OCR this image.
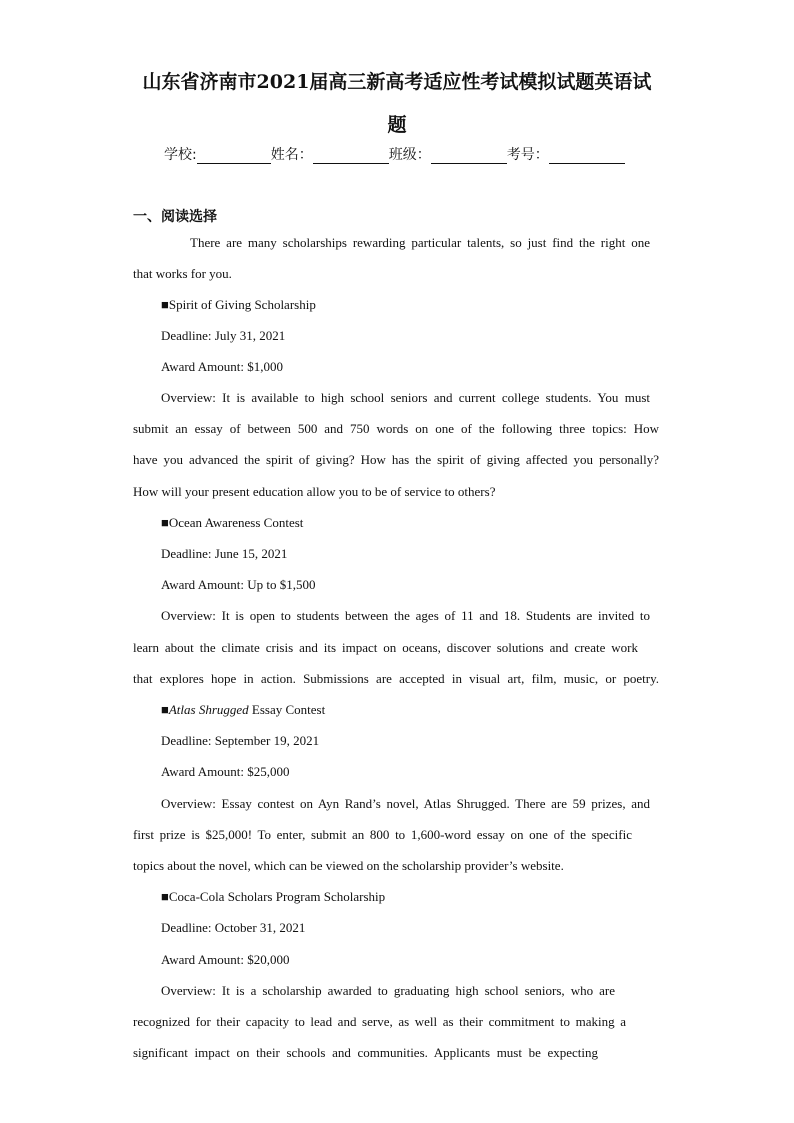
山东省济南市2021届高三新高考适应性考试模拟试题英语试
题
学校:	姓名：	班级：	考号：
一、阅读选择
There are many scholarships rewarding particular talents, so just find the right one
that works for you.
■Spirit of Giving Scholarship
Deadline: July 31, 2021
Award Amount: $1,000
Overview: It is available to high school seniors and current college students. You must
submit an essay of between 500 and 750 words on one of the following three topics: How
have you advanced the spirit of giving? How has the spirit of giving affected you personally?
How will your present education allow you to be of service to others?
■Ocean Awareness Contest
Deadline: June 15, 2021
Award Amount: Up to $1,500
Overview: It is open to students between the ages of 11 and 18. Students are invited to
learn about the climate crisis and its impact on oceans, discover solutions and create work
that explores hope in action. Submissions are accepted in visual art, film, music, or poetry.
■Atlas Shrugged Essay Contest
Deadline: September 19, 2021
Award Amount: $25,000
Overview: Essay contest on Ayn Rand’s novel, Atlas Shrugged. There are 59 prizes, and
first prize is $25,000! To enter, submit an 800 to 1,600-word essay on one of the specific
topics about the novel, which can be viewed on the scholarship provider’s website.
■Coca-Cola Scholars Program Scholarship
Deadline: October 31, 2021
Award Amount: $20,000
Overview: It is a scholarship awarded to graduating high school seniors, who are
recognized for their capacity to lead and serve, as well as their commitment to making a
significant impact on their schools and communities. Applicants must be expecting
